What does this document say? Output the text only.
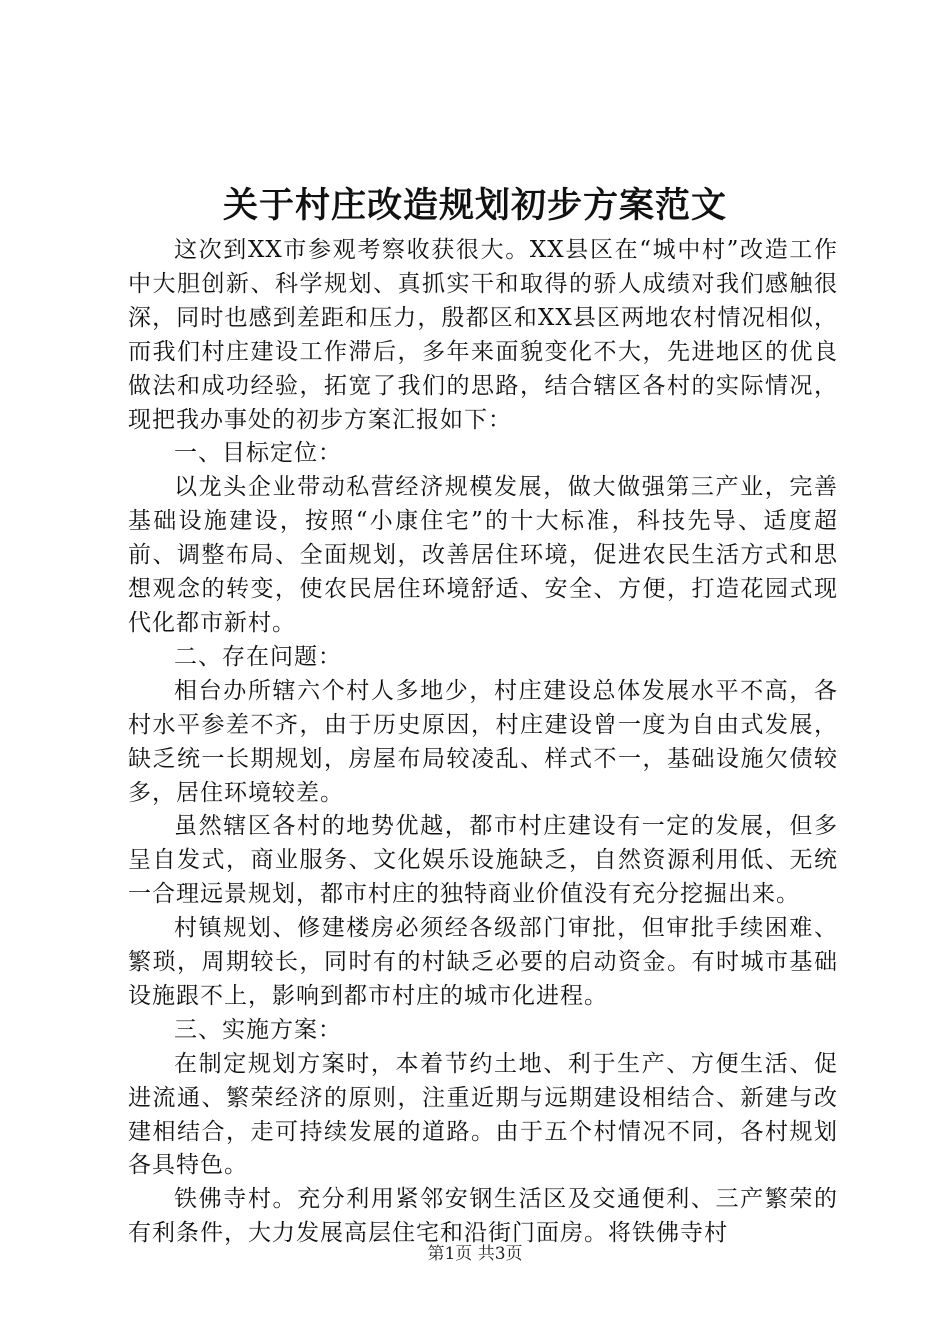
关于村庄改造规划初步方案范文

这次到XX市参观考察收获很大。XX县区在“城中村”改造工作中大胆创新、科学规划、真抓实干和取得的骄人成绩对我们感触很深，同时也感到差距和压力，殷都区和XX县区两地农村情况相似，而我们村庄建设工作滞后，多年来面貌变化不大，先进地区的优良做法和成功经验，拓宽了我们的思路，结合辖区各村的实际情况，现把我办事处的初步方案汇报如下：

一、目标定位：

以龙头企业带动私营经济规模发展，做大做强第三产业，完善基础设施建设，按照“小康住宅”的十大标准，科技先导、适度超前、调整布局、全面规划，改善居住环境，促进农民生活方式和思想观念的转变，使农民居住环境舒适、安全、方便，打造花园式现代化都市新村。

二、存在问题：

相台办所辖六个村人多地少，村庄建设总体发展水平不高，各村水平参差不齐，由于历史原因，村庄建设曾一度为自由式发展，缺乏统一长期规划，房屋布局较凌乱、样式不一，基础设施欠债较多，居住环境较差。

虽然辖区各村的地势优越，都市村庄建设有一定的发展，但多呈自发式，商业服务、文化娱乐设施缺乏，自然资源利用低、无统一合理远景规划，都市村庄的独特商业价值没有充分挖掘出来。

村镇规划、修建楼房必须经各级部门审批，但审批手续困难、繁琐，周期较长，同时有的村缺乏必要的启动资金。有时城市基础设施跟不上，影响到都市村庄的城市化进程。

三、实施方案：

在制定规划方案时，本着节约土地、利于生产、方便生活、促进流通、繁荣经济的原则，注重近期与远期建设相结合、新建与改建相结合，走可持续发展的道路。由于五个村情况不同，各村规划各具特色。

铁佛寺村。充分利用紧邻安钢生活区及交通便利、三产繁荣的有利条件，大力发展高层住宅和沿街门面房。将铁佛寺村

第1页 共3页
